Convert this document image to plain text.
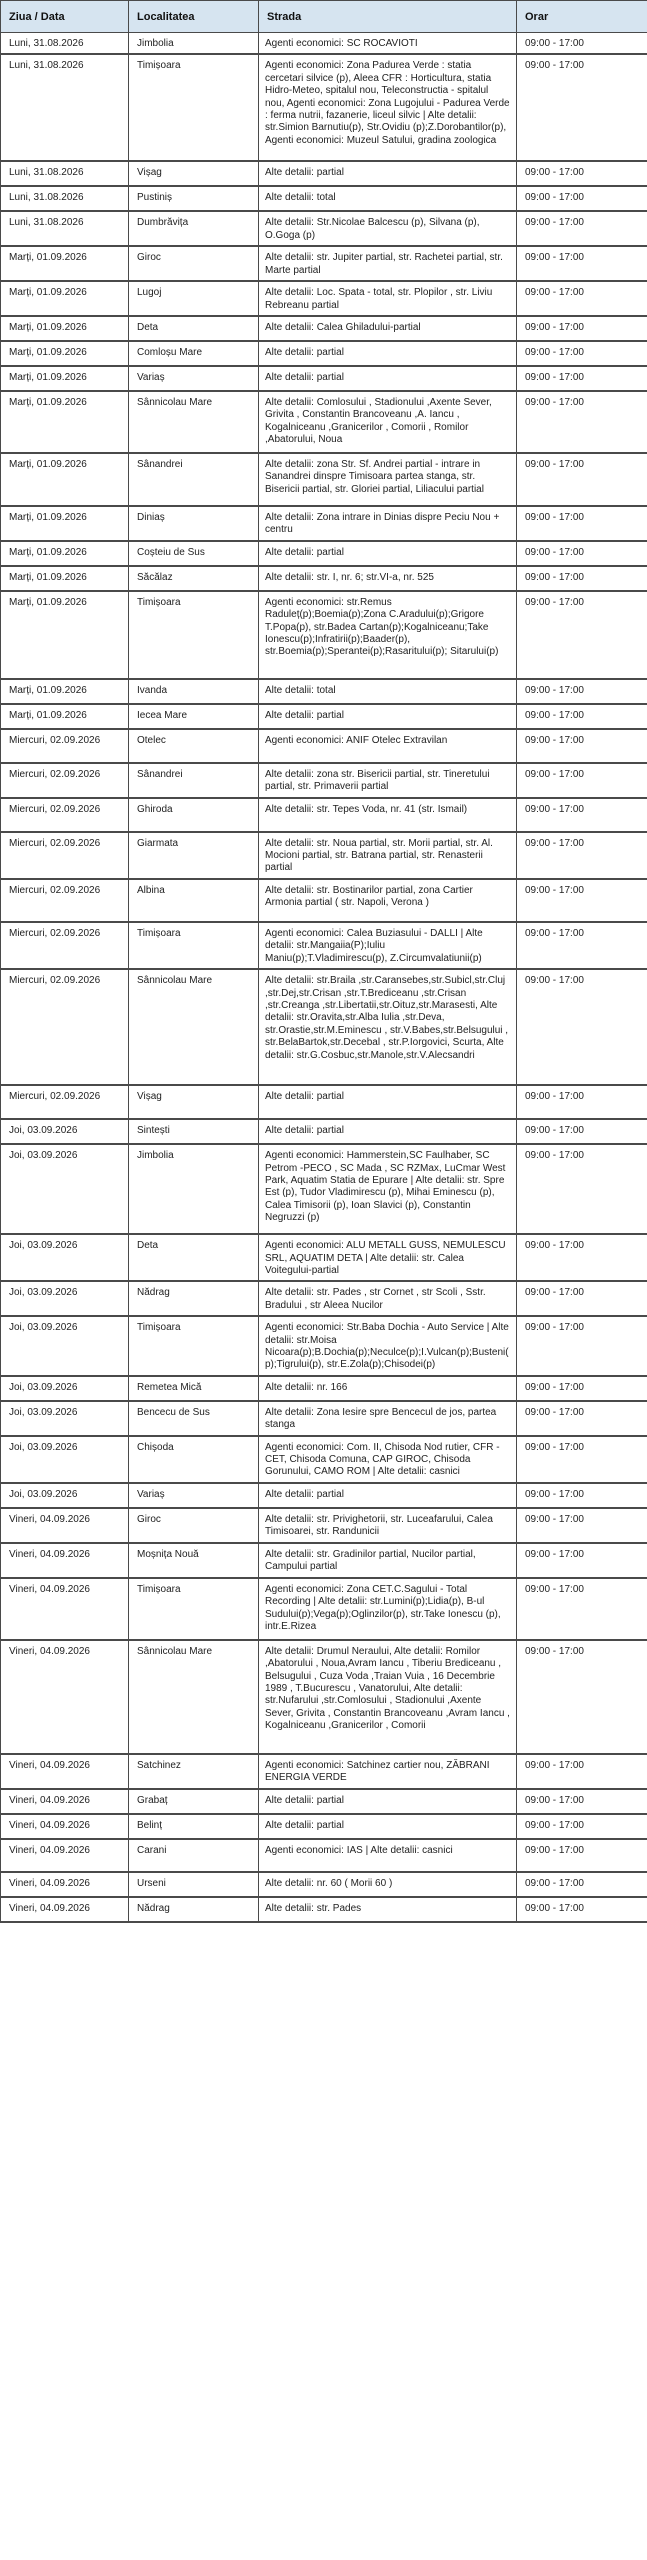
Ziua / Data	Localitatea	Strada	Orar
Luni, 31.08.2026	Jimbolia	Agenti economici: SC ROCAVIOTI	09:00 - 17:00
Luni, 31.08.2026	Timișoara	Agenti economici: Zona Padurea Verde : statia cercetari silvice (p), Aleea CFR : Horticultura, statia Hidro-Meteo, spitalul nou, Teleconstructia - spitalul nou, Agenti economici: Zona Lugojului - Padurea Verde : ferma nutrii, fazanerie, liceul silvic | Alte detalii: str.Simion Barnutiu(p), Str.Ovidiu (p);Z.Dorobantilor(p), Agenti economici: Muzeul Satului, gradina zoologica	09:00 - 17:00
Luni, 31.08.2026	Vișag	Alte detalii: partial	09:00 - 17:00
Luni, 31.08.2026	Pustiniș	Alte detalii: total	09:00 - 17:00
Luni, 31.08.2026	Dumbrăvița	Alte detalii: Str.Nicolae Balcescu (p), Silvana (p), O.Goga (p)	09:00 - 17:00
Marți, 01.09.2026	Giroc	Alte detalii: str. Jupiter partial, str. Rachetei partial, str. Marte partial	09:00 - 17:00
Marți, 01.09.2026	Lugoj	Alte detalii: Loc. Spata - total, str. Plopilor , str. Liviu Rebreanu partial	09:00 - 17:00
Marți, 01.09.2026	Deta	Alte detalii: Calea Ghiladului-partial	09:00 - 17:00
Marți, 01.09.2026	Comloșu Mare	Alte detalii: partial	09:00 - 17:00
Marți, 01.09.2026	Variaș	Alte detalii: partial	09:00 - 17:00
Marți, 01.09.2026	Sânnicolau Mare	Alte detalii: Comlosului , Stadionului ,Axente Sever, Grivita , Constantin Brancoveanu ,A. Iancu , Kogalniceanu ,Granicerilor , Comorii , Romilor ,Abatorului, Noua	09:00 - 17:00
Marți, 01.09.2026	Sânandrei	Alte detalii: zona Str. Sf. Andrei partial - intrare in Sanandrei dinspre Timisoara partea stanga, str. Bisericii partial, str. Gloriei partial, Liliacului partial	09:00 - 17:00
Marți, 01.09.2026	Diniaș	Alte detalii: Zona intrare in Dinias dispre Peciu Nou + centru	09:00 - 17:00
Marți, 01.09.2026	Coșteiu de Sus	Alte detalii: partial	09:00 - 17:00
Marți, 01.09.2026	Săcălaz	Alte detalii: str. I, nr. 6; str.VI-a, nr. 525	09:00 - 17:00
Marți, 01.09.2026	Timișoara	Agenti economici: str.Remus Raduleț(p);Boemia(p);Zona C.Aradului(p);Grigore T.Popa(p), str.Badea Cartan(p);Kogalniceanu;Take Ionescu(p);Infratirii(p);Baader(p), str.Boemia(p);Sperantei(p);Rasaritului(p); Sitarului(p)	09:00 - 17:00
Marți, 01.09.2026	Ivanda	Alte detalii: total	09:00 - 17:00
Marți, 01.09.2026	Iecea Mare	Alte detalii: partial	09:00 - 17:00
Miercuri, 02.09.2026	Otelec	Agenti economici: ANIF Otelec Extravilan	09:00 - 17:00
Miercuri, 02.09.2026	Sânandrei	Alte detalii: zona str. Bisericii partial, str. Tineretului partial, str. Primaverii partial	09:00 - 17:00
Miercuri, 02.09.2026	Ghiroda	Alte detalii: str. Tepes Voda, nr. 41 (str. Ismail)	09:00 - 17:00
Miercuri, 02.09.2026	Giarmata	Alte detalii: str. Noua partial, str. Morii partial, str. Al. Mocioni partial, str. Batrana partial, str. Renasterii partial	09:00 - 17:00
Miercuri, 02.09.2026	Albina	Alte detalii: str. Bostinarilor partial, zona Cartier Armonia partial ( str. Napoli, Verona )	09:00 - 17:00
Miercuri, 02.09.2026	Timișoara	Agenti economici: Calea Buziasului - DALLI | Alte detalii: str.Mangaiia(P);Iuliu Maniu(p);T.Vladimirescu(p), Z.Circumvalatiunii(p)	09:00 - 17:00
Miercuri, 02.09.2026	Sânnicolau Mare	Alte detalii: str.Braila ,str.Caransebes,str.Subicl,str.Cluj ,str.Dej,str.Crisan ,str.T.Brediceanu ,str.Crisan ,str.Creanga ,str.Libertatii,str.Oituz,str.Marasesti, Alte detalii: str.Oravita,str.Alba Iulia ,str.Deva, str.Orastie,str.M.Eminescu , str.V.Babes,str.Belsugului , str.BelaBartok,str.Decebal , str.P.Iorgovici, Scurta, Alte detalii: str.G.Cosbuc,str.Manole,str.V.Alecsandri	09:00 - 17:00
Miercuri, 02.09.2026	Vișag	Alte detalii: partial	09:00 - 17:00
Joi, 03.09.2026	Sintești	Alte detalii: partial	09:00 - 17:00
Joi, 03.09.2026	Jimbolia	Agenti economici: Hammerstein,SC Faulhaber, SC Petrom -PECO , SC Mada , SC RZMax, LuCmar West Park, Aquatim Statia de Epurare | Alte detalii: str. Spre Est (p), Tudor Vladimirescu (p), Mihai Eminescu (p), Calea Timisorii (p), Ioan Slavici (p), Constantin Negruzzi (p)	09:00 - 17:00
Joi, 03.09.2026	Deta	Agenti economici: ALU METALL GUSS, NEMULESCU SRL, AQUATIM DETA | Alte detalii: str. Calea Voitegului-partial	09:00 - 17:00
Joi, 03.09.2026	Nădrag	Alte detalii: str. Pades , str Cornet , str Scoli , Sstr. Bradului , str Aleea Nucilor	09:00 - 17:00
Joi, 03.09.2026	Timișoara	Agenti economici: Str.Baba Dochia - Auto Service | Alte detalii: str.Moisa Nicoara(p);B.Dochia(p);Neculce(p);I.Vulcan(p);Busteni(p);Tigrului(p), str.E.Zola(p);Chisodei(p)	09:00 - 17:00
Joi, 03.09.2026	Remetea Mică	Alte detalii: nr. 166	09:00 - 17:00
Joi, 03.09.2026	Bencecu de Sus	Alte detalii: Zona Iesire spre Bencecul de jos, partea stanga	09:00 - 17:00
Joi, 03.09.2026	Chișoda	Agenti economici: Com. II, Chisoda Nod rutier, CFR - CET, Chisoda Comuna, CAP GIROC, Chisoda Gorunului, CAMO ROM | Alte detalii: casnici	09:00 - 17:00
Joi, 03.09.2026	Variaș	Alte detalii: partial	09:00 - 17:00
Vineri, 04.09.2026	Giroc	Alte detalii: str. Privighetorii, str. Luceafarului, Calea Timisoarei, str. Randunicii	09:00 - 17:00
Vineri, 04.09.2026	Moșnița Nouă	Alte detalii: str. Gradinilor partial, Nucilor partial, Campului partial	09:00 - 17:00
Vineri, 04.09.2026	Timișoara	Agenti economici: Zona CET.C.Sagului - Total Recording | Alte detalii: str.Lumini(p);Lidia(p), B-ul Sudului(p);Vega(p);Oglinzilor(p), str.Take Ionescu (p), intr.E.Rizea	09:00 - 17:00
Vineri, 04.09.2026	Sânnicolau Mare	Alte detalii: Drumul Neraului, Alte detalii: Romilor ,Abatorului , Noua,Avram Iancu , Tiberiu Brediceanu , Belsugului , Cuza Voda ,Traian Vuia , 16 Decembrie 1989 , T.Bucurescu , Vanatorului, Alte detalii: str.Nufarului ,str.Comlosului , Stadionului ,Axente Sever, Grivita , Constantin Brancoveanu ,Avram Iancu , Kogalniceanu ,Granicerilor , Comorii	09:00 - 17:00
Vineri, 04.09.2026	Satchinez	Agenti economici: Satchinez cartier nou, ZĂBRANI ENERGIA VERDE	09:00 - 17:00
Vineri, 04.09.2026	Grabaț	Alte detalii: partial	09:00 - 17:00
Vineri, 04.09.2026	Belinț	Alte detalii: partial	09:00 - 17:00
Vineri, 04.09.2026	Carani	Agenti economici: IAS | Alte detalii: casnici	09:00 - 17:00
Vineri, 04.09.2026	Urseni	Alte detalii: nr. 60 ( Morii 60 )	09:00 - 17:00
Vineri, 04.09.2026	Nădrag	Alte detalii: str. Pades	09:00 - 17:00
